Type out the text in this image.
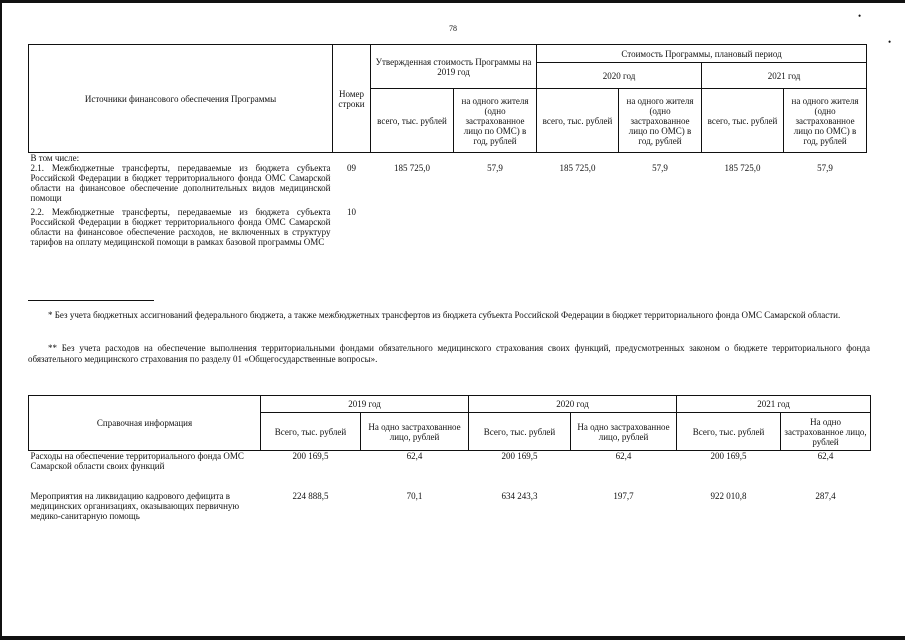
•
•
78
Источники финансового обеспечения Программы	Номер строки	Утвержденная стоимость Программы на 2019 год		Стоимость Программы, плановый период			
				2020 год		2021 год	
		всего, тыс. рублей	на одного жителя (одно застрахованное лицо по ОМС) в год, рублей	всего, тыс. рублей	на одного жителя (одно застрахованное лицо по ОМС) в год, рублей	всего, тыс. рублей	на одного жителя (одно застрахованное лицо по ОМС) в год, рублей
В том числе:							
2.1. Межбюджетные трансферты, передаваемые из бюджета субъекта Российской Федерации в бюджет территориального фонда ОМС Самарской области на финансовое обеспечение дополнительных видов медицинской помощи	09	185 725,0	57,9	185 725,0	57,9	185 725,0	57,9
2.2. Межбюджетные трансферты, передаваемые из бюджета субъекта Российской Федерации в бюджет территориального фонда ОМС Самарской области на финансовое обеспечение расходов, не включенных в структуру тарифов на оплату медицинской помощи в рамках базовой программы ОМС	10						
* Без учета бюджетных ассигнований федерального бюджета, а также межбюджетных трансфертов из бюджета субъекта Российской Федерации в бюджет территориального фонда ОМС Самарской области.
** Без учета расходов на обеспечение выполнения территориальными фондами обязательного медицинского страхования своих функций, предусмотренных законом о бюджете территориального фонда обязательного медицинского страхования по разделу 01 «Общегосударственные вопросы».
Справочная информация	2019 год		2020 год		2021 год	
	Всего, тыс. рублей	На одно застрахованное лицо, рублей	Всего, тыс. рублей	На одно застрахованное лицо, рублей	Всего, тыс. рублей	На одно застрахованное лицо, рублей
Расходы на обеспечение территориального фонда ОМС Самарской области своих функций	200 169,5	62,4	200 169,5	62,4	200 169,5	62,4
Мероприятия на ликвидацию кадрового дефицита в медицинских организациях, оказывающих первичную медико-санитарную помощь	224 888,5	70,1	634 243,3	197,7	922 010,8	287,4
